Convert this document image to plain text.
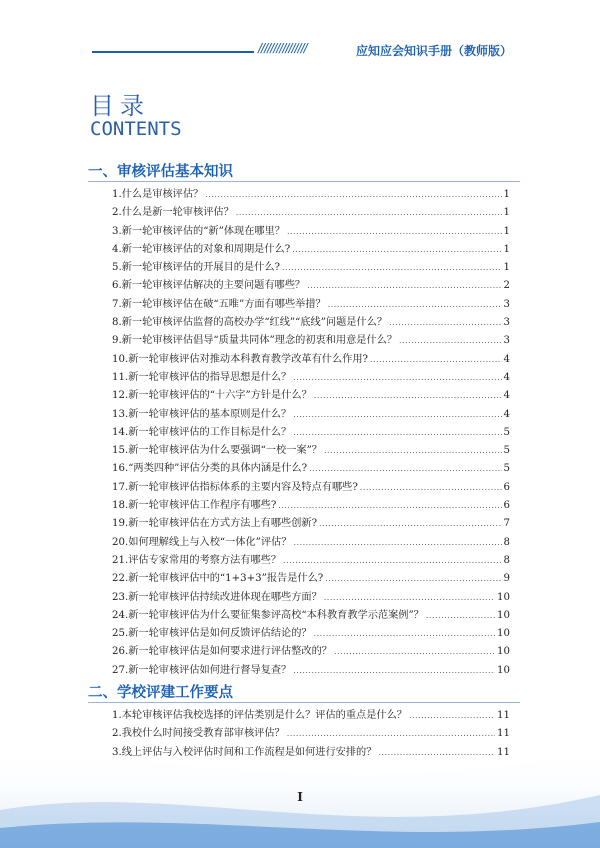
////////////////	应知应会知识手册（教师版）
目录
CONTENTS
一、审核评估基本知识
1.什么是审核评估？ .....	1
2.什么是新一轮审核评估？ .....	1
3.新一轮审核评估的“新”体现在哪里？ .....	1
4.新一轮审核评估的对象和周期是什么? .....	1
5.新一轮审核评估的开展目的是什么? .....	1
6.新一轮审核评估解决的主要问题有哪些？ .....	2
7.新一轮审核评估在破“五唯”方面有哪些举措？ .....	3
8.新一轮审核评估监督的高校办学“红线”“底线”问题是什么？ .....	3
9.新一轮审核评估倡导“质量共同体”理念的初衷和用意是什么？ .....	3
10.新一轮审核评估对推动本科教育教学改革有什么作用? .....	4
11.新一轮审核评估的指导思想是什么？ .....	4
12.新一轮审核评估的“十六字”方针是什么？ .....	4
13.新一轮审核评估的基本原则是什么？ .....	4
14.新一轮审核评估的工作目标是什么？ .....	5
15.新一轮审核评估为什么要强调“一校一案”？ .....	5
16.“两类四种”评估分类的具体内涵是什么? .....	5
17.新一轮审核评估指标体系的主要内容及特点有哪些? .....	6
18.新一轮审核评估工作程序有哪些? .....	6
19.新一轮审核评估在方式方法上有哪些创新? .....	7
20.如何理解线上与入校“一体化”评估？ .....	8
21.评估专家常用的考察方法有哪些？ .....	8
22.新一轮审核评估中的“1+3+3”报告是什么? .....	9
23.新一轮审核评估持续改进体现在哪些方面？ .....	10
24.新一轮审核评估为什么要征集参评高校“本科教育教学示范案例”？ .....	10
25.新一轮审核评估是如何反馈评估结论的？ .....	10
26.新一轮审核评估是如何要求进行评估整改的？ .....	10
27.新一轮审核评估如何进行督导复查？ .....	10
二、学校评建工作要点
1.本轮审核评估我校选择的评估类别是什么？评估的重点是什么？ .....	11
2.我校什么时间接受教育部审核评估？ .....	11
3.线上评估与入校评估时间和工作流程是如何进行安排的？ .....	11
I
